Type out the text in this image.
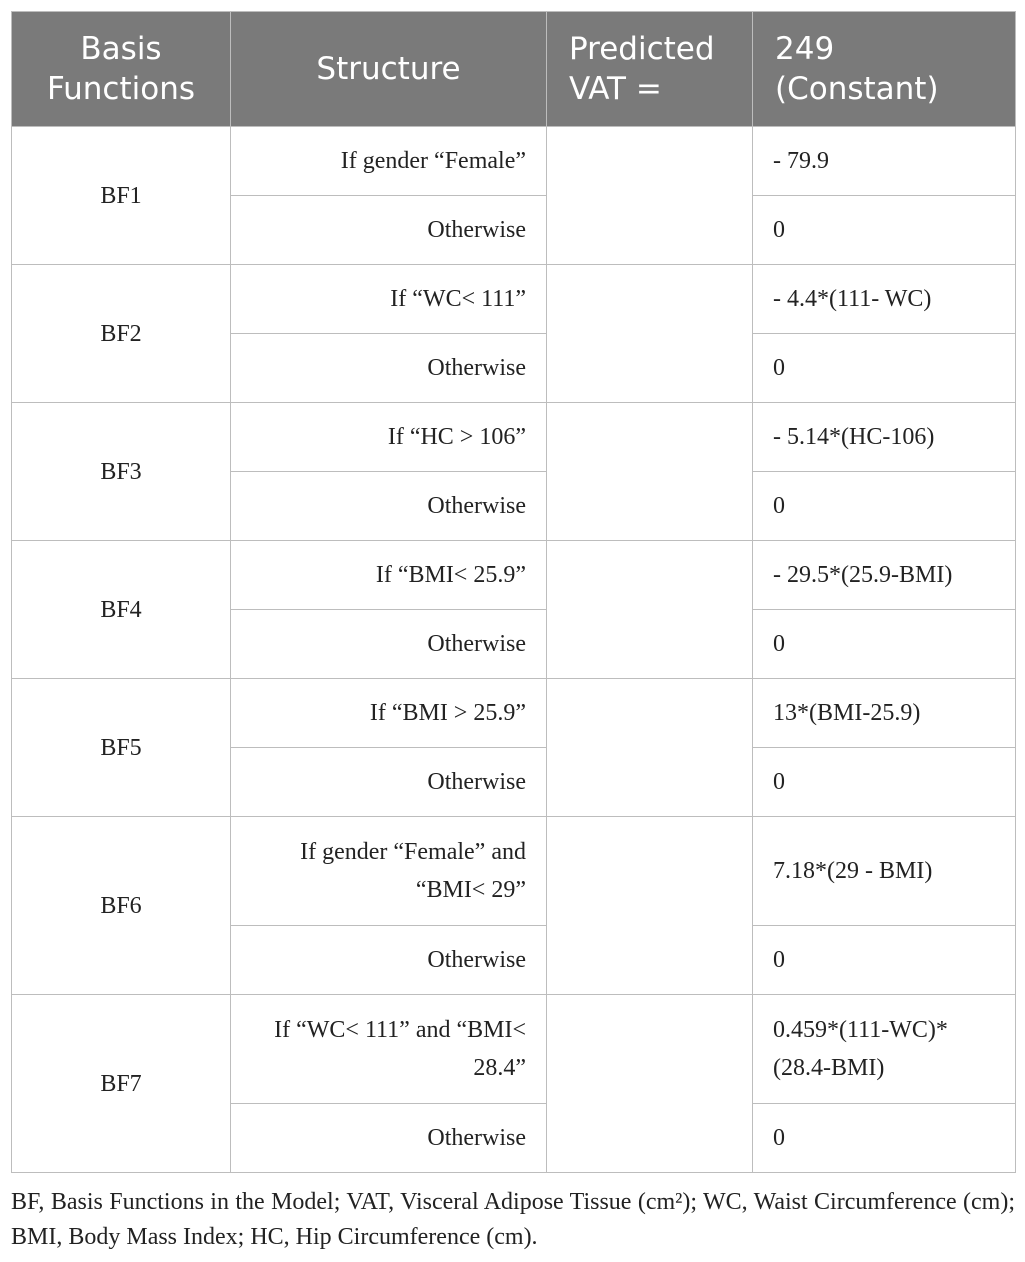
Basis Functions	Structure	Predicted VAT =	249 (Constant)
BF1	If gender “Female”		- 79.9
	Otherwise		0
BF2	If “WC< 111”		- 4.4*(111- WC)
	Otherwise		0
BF3	If “HC > 106”		- 5.14*(HC-106)
	Otherwise		0
BF4	If “BMI< 25.9”		- 29.5*(25.9-BMI)
	Otherwise		0
BF5	If “BMI > 25.9”		13*(BMI-25.9)
	Otherwise		0
BF6	If gender “Female” and “BMI< 29”		7.18*(29 - BMI)
	Otherwise		0
BF7	If “WC< 111” and “BMI< 28.4”		0.459*(111-WC)*(28.4-BMI)
	Otherwise		0

BF, Basis Functions in the Model; VAT, Visceral Adipose Tissue (cm²); WC, Waist Circumference (cm); BMI, Body Mass Index; HC, Hip Circumference (cm).
